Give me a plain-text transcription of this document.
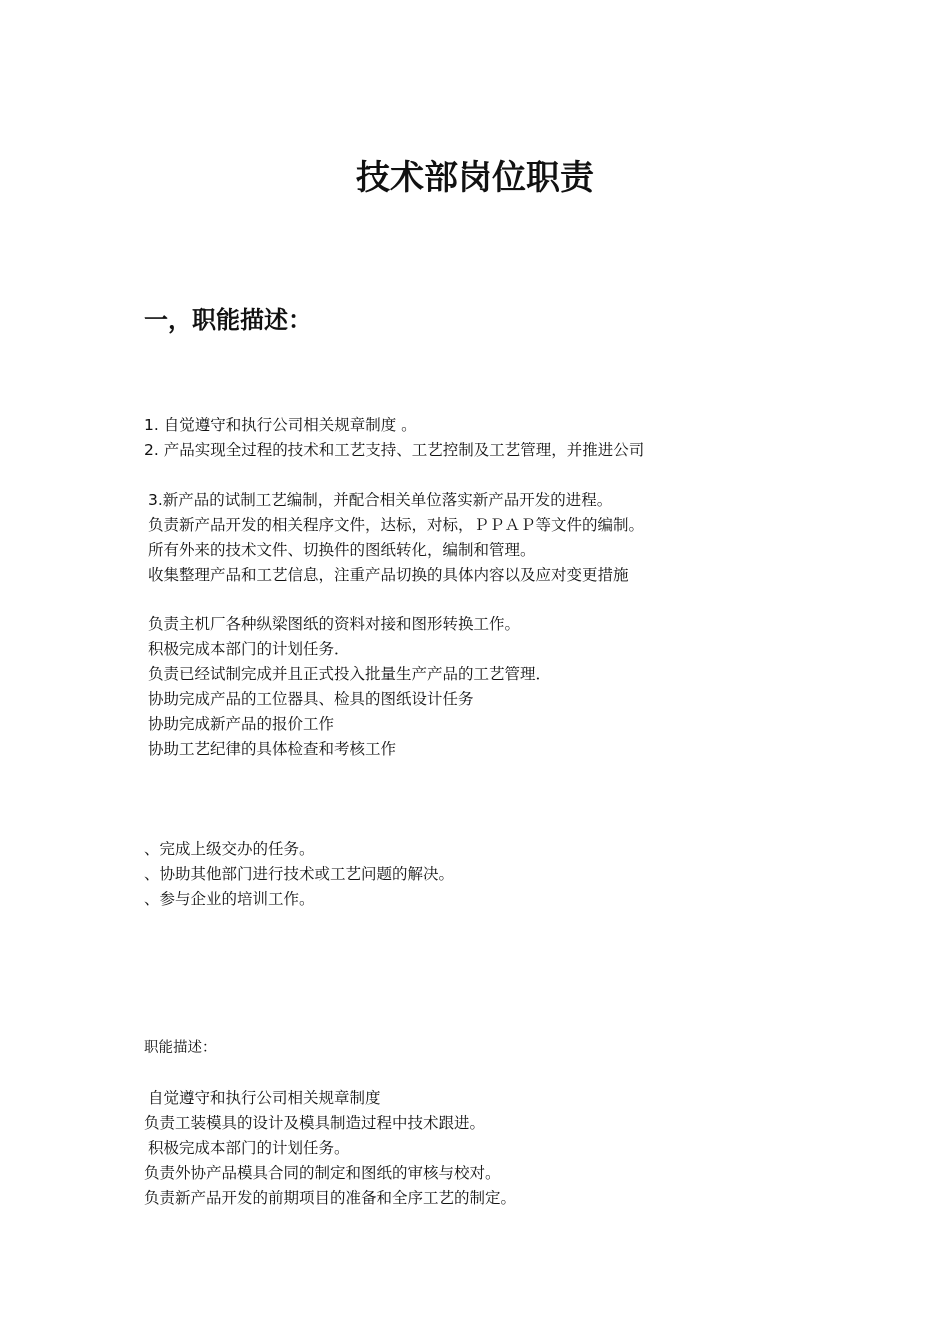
技术部岗位职责
一，职能描述：
1. 自觉遵守和执行公司相关规章制度 。
2. 产品实现全过程的技术和工艺支持、工艺控制及工艺管理，并推进公司
3.新产品的试制工艺编制，并配合相关单位落实新产品开发的进程。
负责新产品开发的相关程序文件，达标，对标，ＰＰＡＰ等文件的编制。
所有外来的技术文件、切换件的图纸转化，编制和管理。
收集整理产品和工艺信息，注重产品切换的具体内容以及应对变更措施
负责主机厂各种纵梁图纸的资料对接和图形转换工作。
积极完成本部门的计划任务．
负责已经试制完成并且正式投入批量生产产品的工艺管理．
协助完成产品的工位器具、检具的图纸设计任务
协助完成新产品的报价工作
协助工艺纪律的具体检查和考核工作
、完成上级交办的任务。
、协助其他部门进行技术或工艺问题的解决。
、参与企业的培训工作。
职能描述：
自觉遵守和执行公司相关规章制度
负责工装模具的设计及模具制造过程中技术跟进。
积极完成本部门的计划任务。
负责外协产品模具合同的制定和图纸的审核与校对。
负责新产品开发的前期项目的准备和全序工艺的制定。
